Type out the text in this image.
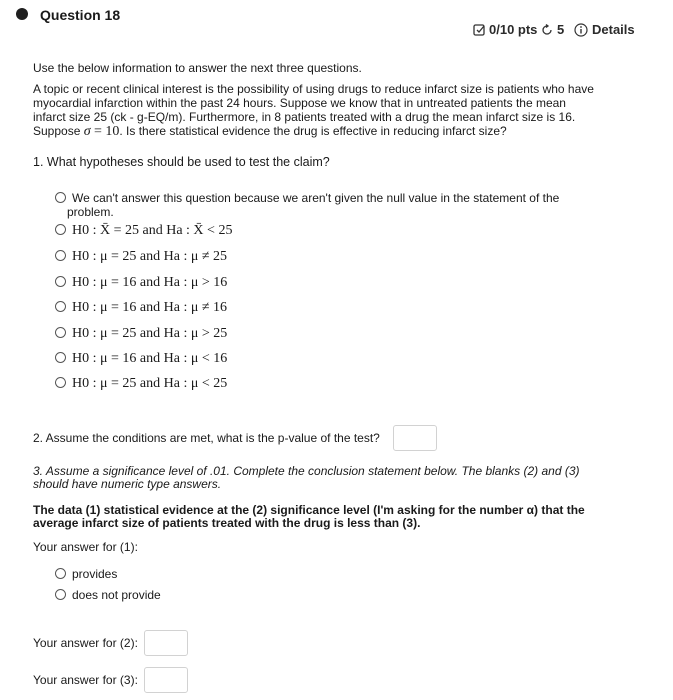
Question 18
0/10 pts 5 Details
Use the below information to answer the next three questions.
A topic or recent clinical interest is the possibility of using drugs to reduce infarct size is patients who have
myocardial infarction within the past 24 hours. Suppose we know that in untreated patients the mean
infarct size 25 (ck - g-EQ/m). Furthermore, in 8 patients treated with a drug the mean infarct size is 16.
Suppose σ = 10. Is there statistical evidence the drug is effective in reducing infarct size?
1. What hypotheses should be used to test the claim?
We can't answer this question because we aren't given the null value in the statement of the
problem.
H0 : X̄ = 25 and Ha : X̄ < 25
H0 : μ = 25 and Ha : μ ≠ 25
H0 : μ = 16 and Ha : μ > 16
H0 : μ = 16 and Ha : μ ≠ 16
H0 : μ = 25 and Ha : μ > 25
H0 : μ = 16 and Ha : μ < 16
H0 : μ = 25 and Ha : μ < 25
2. Assume the conditions are met, what is the p-value of the test?
3. Assume a significance level of .01. Complete the conclusion statement below. The blanks (2) and (3)
should have numeric type answers.
The data (1) statistical evidence at the (2) significance level (I'm asking for the number α) that the
average infarct size of patients treated with the drug is less than (3).
Your answer for (1):
provides
does not provide
Your answer for (2):
Your answer for (3):
